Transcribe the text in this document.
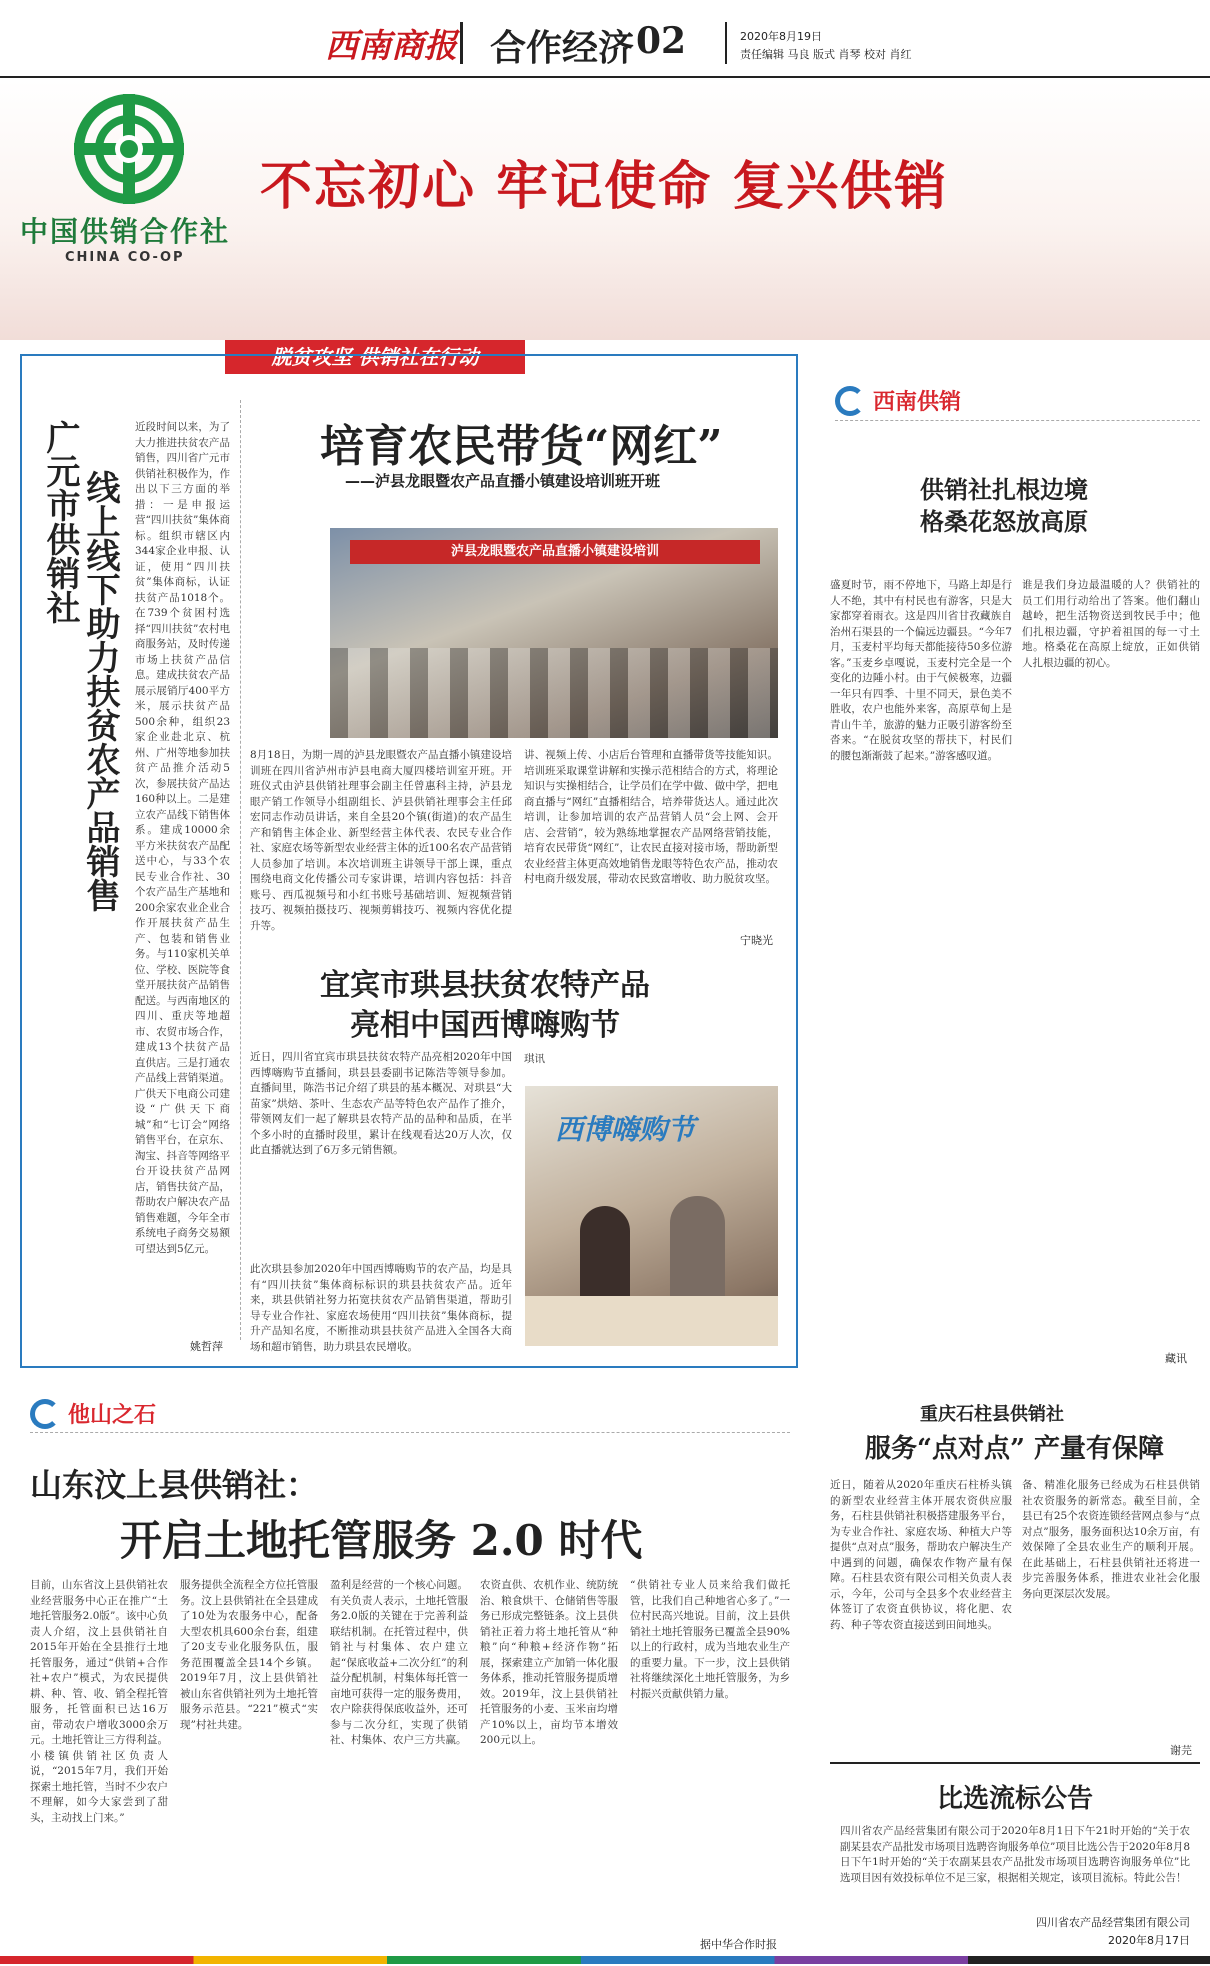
西南商报 合作经济 02	2020年8月19日
责任编辑 马良 版式 肖琴 校对 肖红
中国供销合作社
CHINA CO-OP
不忘初心 牢记使命 复兴供销
脱贫攻坚 供销社在行动
广元市供销社 线上线下助力扶贫农产品销售
近段时间以来，为了大力推进扶贫农产品销售，四川省广元市供销社积极作为，作出以下三方面的举措：一是申报运营“四川扶贫”集体商标。组织市辖区内344家企业申报、认证，使用“四川扶贫”集体商标，认证扶贫产品1018个。在739个贫困村选择“四川扶贫”农村电商服务站，及时传递市场上扶贫产品信息。建成扶贫农产品展示展销厅400平方米，展示扶贫产品500余种，组织23家企业赴北京、杭州、广州等地参加扶贫产品推介活动5次，参展扶贫产品达160种以上。二是建立农产品线下销售体系。建成10000余平方米扶贫农产品配送中心，与33个农民专业合作社、30个农产品生产基地和200余家农业企业合作开展扶贫产品生产、包装和销售业务。与110家机关单位、学校、医院等食堂开展扶贫产品销售配送。与西南地区的四川、重庆等地超市、农贸市场合作，建成13个扶贫产品直供店。三是打通农产品线上营销渠道。广供天下电商公司建设“广供天下商城”和“七订会”网络销售平台，在京东、淘宝、抖音等网络平台开设扶贫产品网店，销售扶贫产品，帮助农户解决农产品销售难题，今年全市系统电子商务交易额可望达到5亿元。
姚哲萍
培育农民带货“网红”
——泸县龙眼暨农产品直播小镇建设培训班开班
泸县龙眼暨农产品直播小镇建设培训
8月18日，为期一周的泸县龙眼暨农产品直播小镇建设培训班在四川省泸州市泸县电商大厦四楼培训室开班。开班仪式由泸县供销社理事会副主任曾惠科主持，泸县龙眼产销工作领导小组副组长、泸县供销社理事会主任邱宏同志作动员讲话，来自全县20个镇(街道)的农产品生产和销售主体企业、新型经营主体代表、农民专业合作社、家庭农场等新型农业经营主体的近100名农产品营销人员参加了培训。本次培训班主讲领导干部上课，重点围绕电商文化传播公司专家讲课，培训内容包括：抖音账号、西瓜视频号和小红书账号基础培训、短视频营销技巧、视频拍摄技巧、视频剪辑技巧、视频内容优化提升等。
讲、视频上传、小店后台管理和直播带货等技能知识。培训班采取课堂讲解和实操示范相结合的方式，将理论知识与实操相结合，让学员们在学中做、做中学，把电商直播与“网红”直播相结合，培养带货达人。通过此次培训，让参加培训的农产品营销人员“会上网、会开店、会营销”，较为熟练地掌握农产品网络营销技能，培育农民带货“网红”，让农民直接对接市场，帮助新型农业经营主体更高效地销售龙眼等特色农产品，推动农村电商升级发展，带动农民致富增收、助力脱贫攻坚。
宁晓光
宜宾市珙县扶贫农特产品
亮相中国西博嗨购节
近日，四川省宜宾市珙县扶贫农特产品亮相2020年中国西博嗨购节直播间，珙县县委副书记陈浩等领导参加。直播间里，陈浩书记介绍了珙县的基本概况、对珙县“大苗家”烘焙、茶叶、生态农产品等特色农产品作了推介，带领网友们一起了解珙县农特产品的品种和品质，在半个多小时的直播时段里，累计在线观看达20万人次，仅此直播就达到了6万多元销售额。
此次珙县参加2020年中国西博嗨购节的农产品，均是具有“四川扶贫”集体商标标识的珙县扶贫农产品。近年来，珙县供销社努力拓宽扶贫农产品销售渠道，帮助引导专业合作社、家庭农场使用“四川扶贫”集体商标，提升产品知名度，不断推动珙县扶贫产品进入全国各大商场和超市销售，助力珙县农民增收。
西博嗨购节
琪讯
西南供销
供销社扎根边境
格桑花怒放高原
盛夏时节，雨不停地下，马路上却是行人不绝，其中有村民也有游客，只是大家都穿着雨衣。这是四川省甘孜藏族自治州石渠县的一个偏远边疆县。“今年7月，玉麦村平均每天都能接待50多位游客。”玉麦乡卓嘎说，玉麦村完全是一个变化的边陲小村。由于气候极寒，边疆一年只有四季、十里不同天，景色美不胜收，农户也能外来客，高原草甸上是青山牛羊，旅游的魅力正吸引游客纷至沓来。“在脱贫攻坚的帮扶下，村民们的腰包渐渐鼓了起来。”游客感叹道。
谁是我们身边最温暖的人？供销社的员工们用行动给出了答案。他们翻山越岭，把生活物资送到牧民手中；他们扎根边疆，守护着祖国的每一寸土地。格桑花在高原上绽放，正如供销人扎根边疆的初心。
藏讯
他山之石
山东汶上县供销社：
开启土地托管服务 2.0 时代
目前，山东省汶上县供销社农业经营服务中心正在推广“土地托管服务2.0版”。该中心负责人介绍，汶上县供销社自2015年开始在全县推行土地托管服务，通过“供销+合作社+农户”模式，为农民提供耕、种、管、收、销全程托管服务，托管面积已达16万亩，带动农户增收3000余万元。土地托管让三方得利益。小楼镇供销社区负责人说，“2015年7月，我们开始探索土地托管，当时不少农户不理解，如今大家尝到了甜头，主动找上门来。”
服务提供全流程全方位托管服务。汶上县供销社在全县建成了10处为农服务中心，配备大型农机具600余台套，组建了20支专业化服务队伍，服务范围覆盖全县14个乡镇。2019年7月，汶上县供销社被山东省供销社列为土地托管服务示范县。“221”模式“实现”村社共建。
盈利是经营的一个核心问题。有关负责人表示，土地托管服务2.0版的关键在于完善利益联结机制。在托管过程中，供销社与村集体、农户建立起“保底收益+二次分红”的利益分配机制，村集体每托管一亩地可获得一定的服务费用，农户除获得保底收益外，还可参与二次分红，实现了供销社、村集体、农户三方共赢。
农资直供、农机作业、统防统治、粮食烘干、仓储销售等服务已形成完整链条。汶上县供销社正着力将土地托管从“种粮”向“种粮+经济作物”拓展，探索建立产加销一体化服务体系，推动托管服务提质增效。2019年，汶上县供销社托管服务的小麦、玉米亩均增产10%以上，亩均节本增效200元以上。
“供销社专业人员来给我们做托管，比我们自己种地省心多了。”一位村民高兴地说。目前，汶上县供销社土地托管服务已覆盖全县90%以上的行政村，成为当地农业生产的重要力量。下一步，汶上县供销社将继续深化土地托管服务，为乡村振兴贡献供销力量。
据中华合作时报
重庆石柱县供销社
服务“点对点” 产量有保障
近日，随着从2020年重庆石柱桥头镇的新型农业经营主体开展农资供应服务，石柱县供销社积极搭建服务平台，为专业合作社、家庭农场、种植大户等提供“点对点”服务，帮助农户解决生产中遇到的问题，确保农作物产量有保障。石柱县农资有限公司相关负责人表示，今年，公司与全县多个农业经营主体签订了农资直供协议，将化肥、农药、种子等农资直接送到田间地头。
备、精准化服务已经成为石柱县供销社农资服务的新常态。截至目前，全县已有25个农资连锁经营网点参与“点对点”服务，服务面积达10余万亩，有效保障了全县农业生产的顺利开展。在此基础上，石柱县供销社还将进一步完善服务体系，推进农业社会化服务向更深层次发展。
谢芫
比选流标公告
四川省农产品经营集团有限公司于2020年8月1日下午21时开始的“关于农副某县农产品批发市场项目选聘咨询服务单位”项目比选公告于2020年8月8日下午1时开始的“关于农副某县农产品批发市场项目选聘咨询服务单位”比选项目因有效投标单位不足三家，根据相关规定，该项目流标。特此公告！
四川省农产品经营集团有限公司
2020年8月17日
